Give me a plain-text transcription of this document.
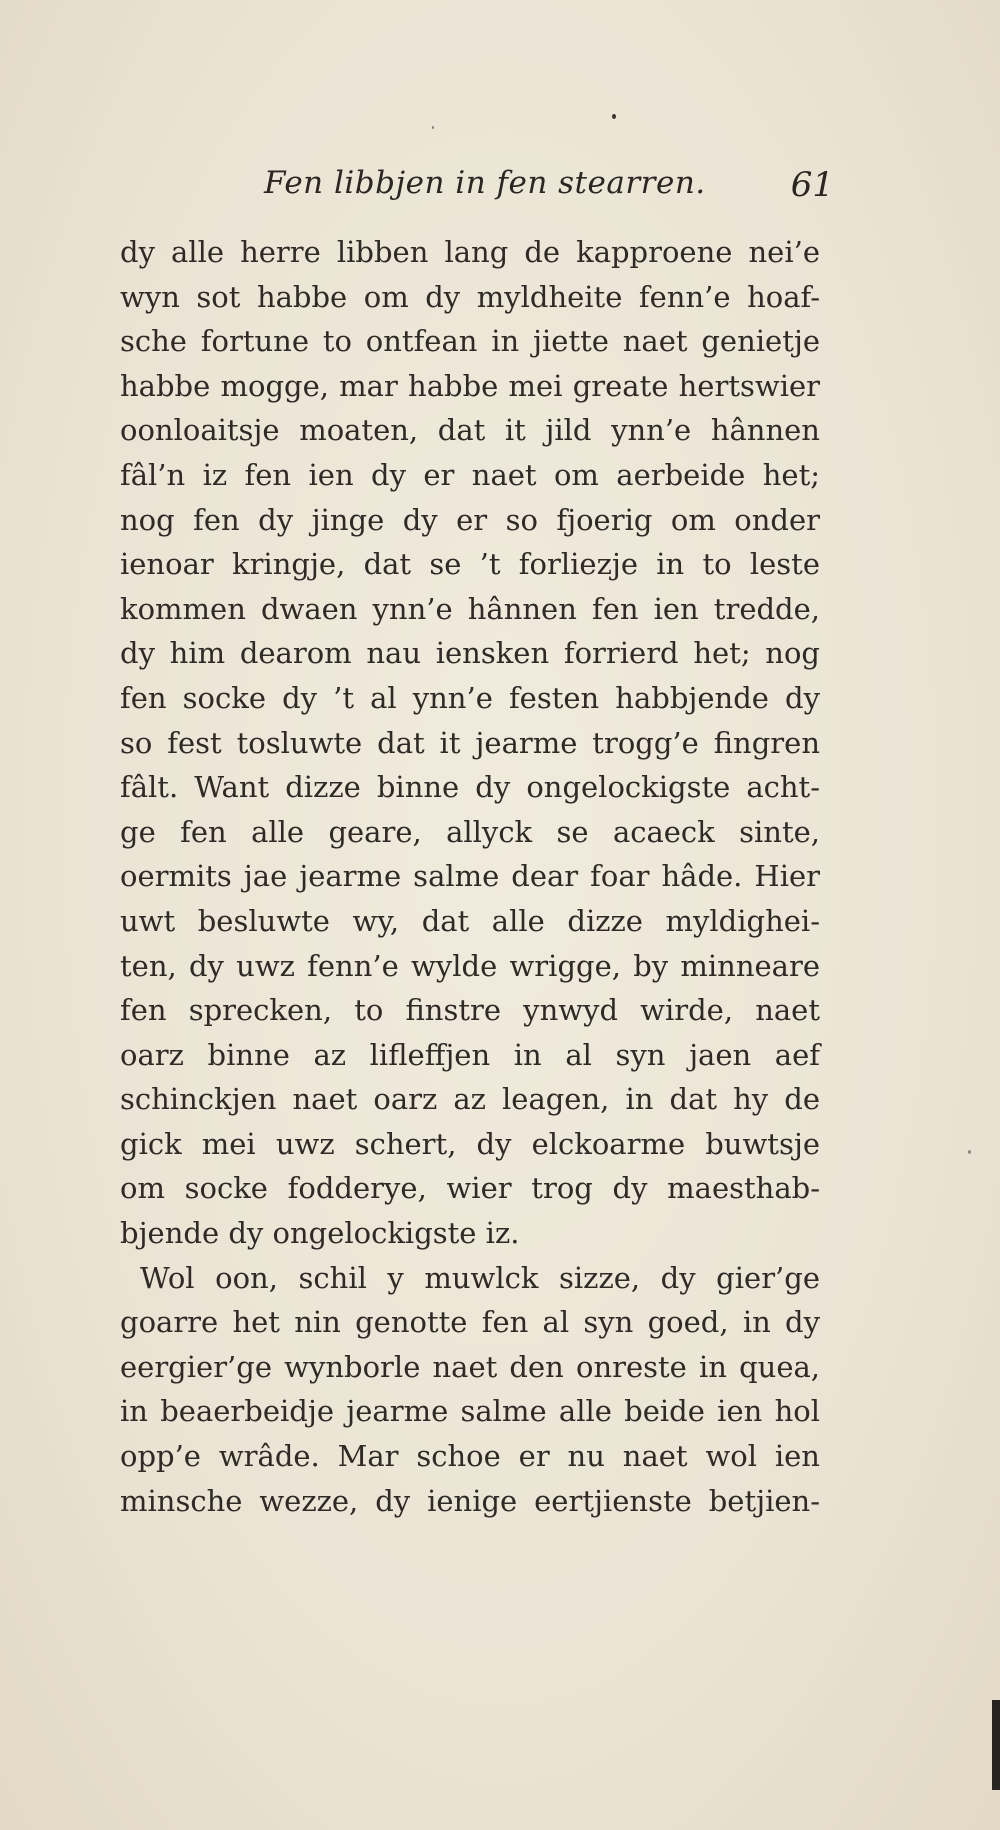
Fen libbjen in fen stearren.	61
dy alle herre libben lang de kapproene nei’e
wyn sot habbe om dy myldheite fenn’e hoaf-
sche fortune to ontfean in jiette naet genietje
habbe mogge, mar habbe mei greate hertswier
oonloaitsje moaten, dat it jild ynn’e hânnen
fâl’n iz fen ien dy er naet om aerbeide het;
nog fen dy jinge dy er so fjoerig om onder
ienoar kringje, dat se ’t forliezje in to leste
kommen dwaen ynn’e hânnen fen ien tredde,
dy him dearom nau iensken forrierd het; nog
fen socke dy ’t al ynn’e festen habbjende dy
so fest tosluwte dat it jearme trogg’e fingren
fâlt. Want dizze binne dy ongelockigste acht-
ge fen alle geare, allyck se acaeck sinte,
oermits jae jearme salme dear foar hâde. Hier
uwt besluwte wy, dat alle dizze myldighei-
ten, dy uwz fenn’e wylde wrigge, by minneare
fen sprecken, to finstre ynwyd wirde, naet
oarz binne az lifleffjen in al syn jaen aef
schinckjen naet oarz az leagen, in dat hy de
gick mei uwz schert, dy elckoarme buwtsje
om socke fodderye, wier trog dy maesthab-
bjende dy ongelockigste iz.
Wol oon, schil y muwlck sizze, dy gier’ge
goarre het nin genotte fen al syn goed, in dy
eergier’ge wynborle naet den onreste in quea,
in beaerbeidje jearme salme alle beide ien hol
opp’e wrâde. Mar schoe er nu naet wol ien
minsche wezze, dy ienige eertjienste betjien-
